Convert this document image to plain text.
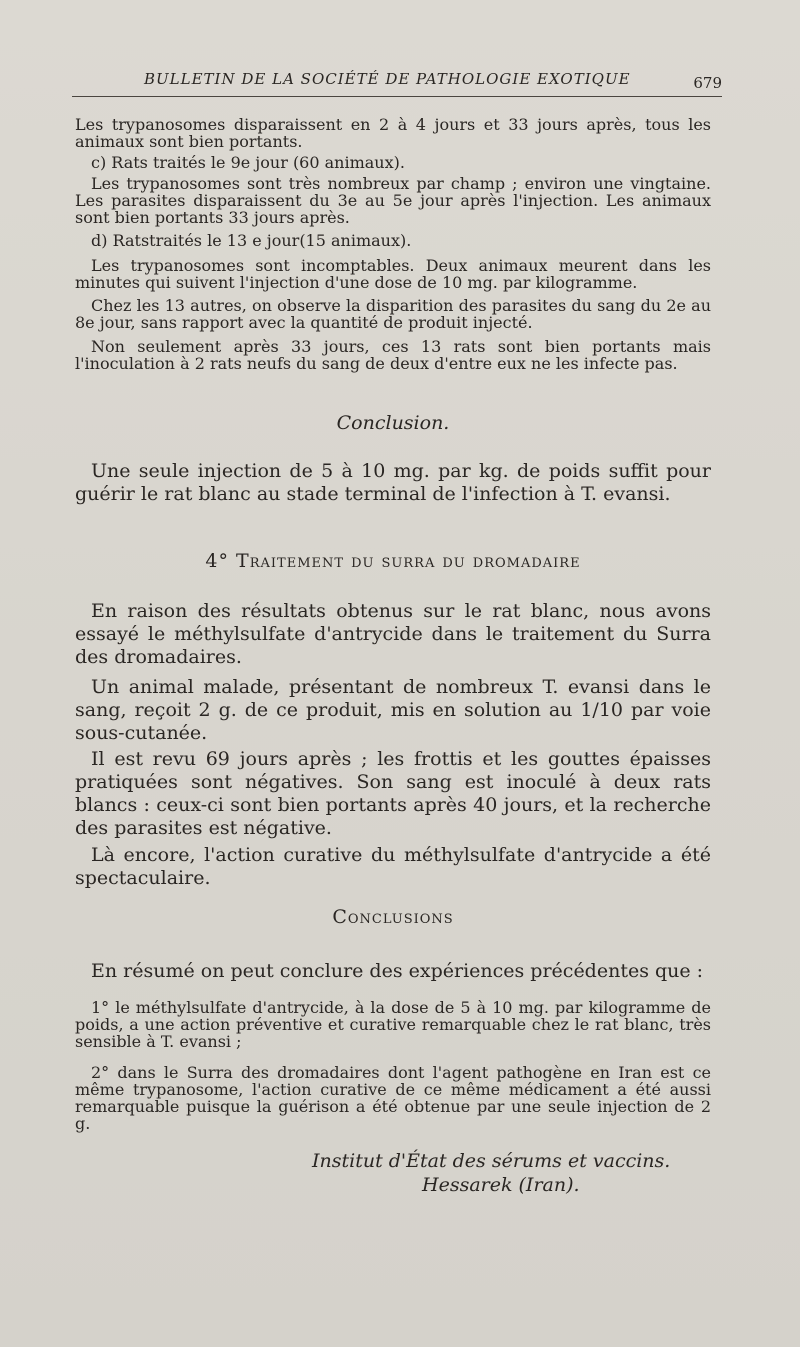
BULLETIN DE LA SOCIÉTÉ DE PATHOLOGIE EXOTIQUE	679

Les trypanosomes disparaissent en 2 à 4 jours et 33 jours après, tous les animaux sont bien portants.

c) Rats traités le 9e jour (60 animaux).

Les trypanosomes sont très nombreux par champ ; environ une vingtaine. Les parasites disparaissent du 3e au 5e jour après l'injection. Les animaux sont bien portants 33 jours après.

d) Ratstraités le 13 e jour(15 animaux).

Les trypanosomes sont incomptables. Deux animaux meurent dans les minutes qui suivent l'injection d'une dose de 10 mg. par kilogramme.

Chez les 13 autres, on observe la disparition des parasites du sang du 2e au 8e jour, sans rapport avec la quantité de produit injecté.

Non seulement après 33 jours, ces 13 rats sont bien portants mais l'inoculation à 2 rats neufs du sang de deux d'entre eux ne les infecte pas.

Conclusion.

Une seule injection de 5 à 10 mg. par kg. de poids suffit pour guérir le rat blanc au stade terminal de l'infection à T. evansi.

4° Traitement du surra du dromadaire

En raison des résultats obtenus sur le rat blanc, nous avons essayé le méthylsulfate d'antrycide dans le traitement du Surra des dromadaires.

Un animal malade, présentant de nombreux T. evansi dans le sang, reçoit 2 g. de ce produit, mis en solution au 1/10 par voie sous-cutanée.

Il est revu 69 jours après ; les frottis et les gouttes épaisses pratiquées sont négatives. Son sang est inoculé à deux rats blancs : ceux-ci sont bien portants après 40 jours, et la recherche des parasites est négative.

Là encore, l'action curative du méthylsulfate d'antrycide a été spectaculaire.

Conclusions

En résumé on peut conclure des expériences précédentes que :

1° le méthylsulfate d'antrycide, à la dose de 5 à 10 mg. par kilogramme de poids, a une action préventive et curative remarquable chez le rat blanc, très sensible à T. evansi ;

2° dans le Surra des dromadaires dont l'agent pathogène en Iran est ce même trypanosome, l'action curative de ce même médicament a été aussi remarquable puisque la guérison a été obtenue par une seule injection de 2 g.

Institut d'État des sérums et vaccins.

Hessarek (Iran).
